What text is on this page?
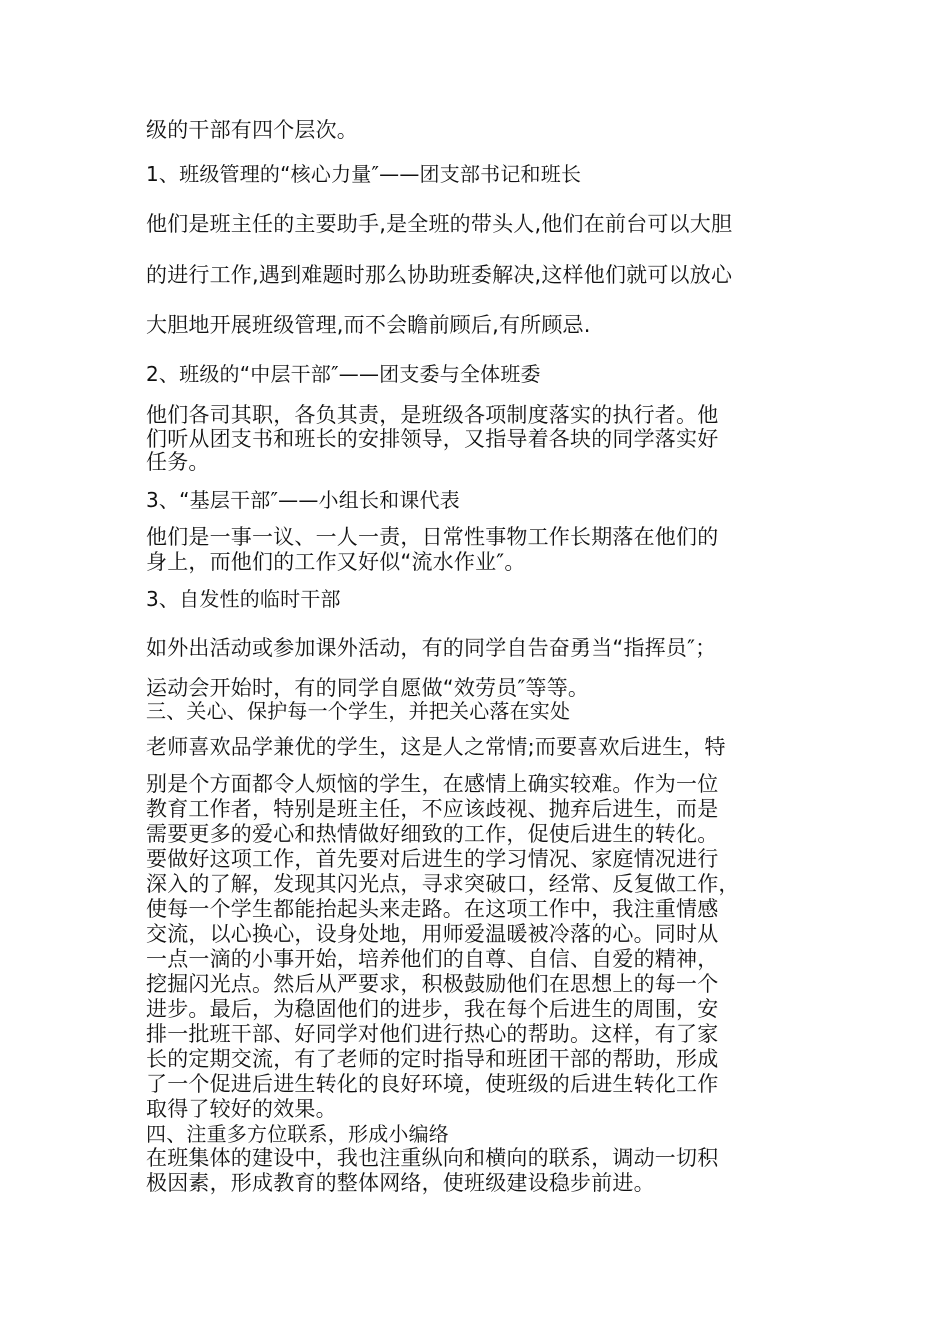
级的干部有四个层次。
1、班级管理的“核心力量″——团支部书记和班长
他们是班主任的主要助手,是全班的带头人,他们在前台可以大胆
的进行工作,遇到难题时那么协助班委解决,这样他们就可以放心
大胆地开展班级管理,而不会瞻前顾后,有所顾忌.
2、班级的“中层干部″——团支委与全体班委
他们各司其职，各负其责，是班级各项制度落实的执行者。他
们听从团支书和班长的安排领导，又指导着各块的同学落实好
任务。
3、“基层干部″——小组长和课代表
他们是一事一议、一人一责，日常性事物工作长期落在他们的
身上，而他们的工作又好似“流水作业″。
3、自发性的临时干部
如外出活动或参加课外活动，有的同学自告奋勇当“指挥员″；
运动会开始时，有的同学自愿做“效劳员″等等。
三、关心、保护每一个学生，并把关心落在实处
老师喜欢品学兼优的学生，这是人之常情;而要喜欢后进生，特
别是个方面都令人烦恼的学生，在感情上确实较难。作为一位
教育工作者，特别是班主任，不应该歧视、抛弃后进生，而是
需要更多的爱心和热情做好细致的工作，促使后进生的转化。
要做好这项工作，首先要对后进生的学习情况、家庭情况进行
深入的了解，发现其闪光点，寻求突破口，经常、反复做工作，
使每一个学生都能抬起头来走路。在这项工作中，我注重情感
交流，以心换心，设身处地，用师爱温暖被冷落的心。同时从
一点一滴的小事开始，培养他们的自尊、自信、自爱的精神，
挖掘闪光点。然后从严要求，积极鼓励他们在思想上的每一个
进步。最后，为稳固他们的进步，我在每个后进生的周围，安
排一批班干部、好同学对他们进行热心的帮助。这样，有了家
长的定期交流，有了老师的定时指导和班团干部的帮助，形成
了一个促进后进生转化的良好环境，使班级的后进生转化工作
取得了较好的效果。
四、注重多方位联系，形成小编络
在班集体的建设中，我也注重纵向和横向的联系，调动一切积
极因素，形成教育的整体网络，使班级建设稳步前进。
